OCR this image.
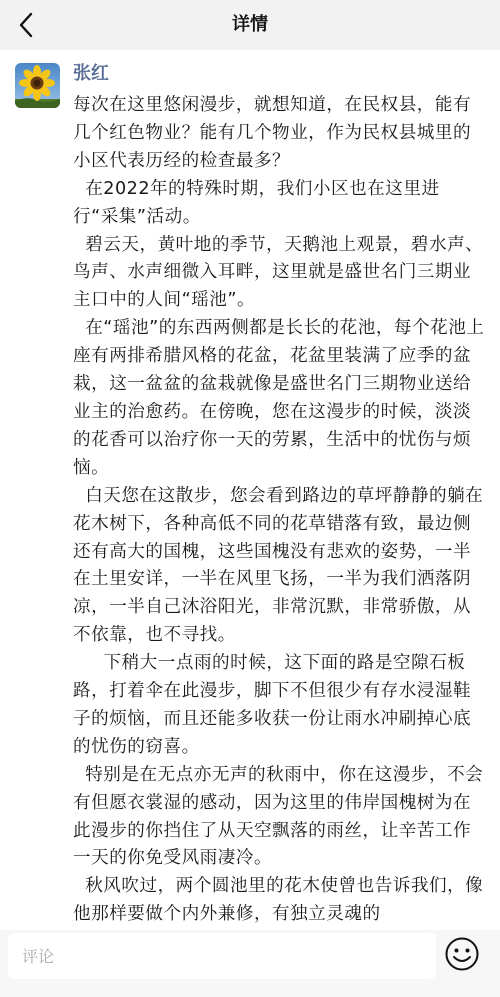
详情
张红

每次在这里悠闲漫步，就想知道，在民权县，能有几个红色物业？能有几个物业，作为民权县城里的小区代表历经的检查最多？

在2022年的特殊时期，我们小区也在这里进行“采集”活动。

碧云天，黄叶地的季节，天鹅池上观景，碧水声、鸟声、水声细微入耳畔，这里就是盛世名门三期业主口中的人间“瑶池”。

在“瑶池”的东西两侧都是长长的花池，每个花池上座有两排希腊风格的花盆，花盆里装满了应季的盆栽，这一盆盆的盆栽就像是盛世名门三期物业送给业主的治愈药。在傍晚，您在这漫步的时候，淡淡的花香可以治疗你一天的劳累，生活中的忧伤与烦恼。

白天您在这散步，您会看到路边的草坪静静的躺在花木树下，各种高低不同的花草错落有致，最边侧还有高大的国槐，这些国槐没有悲欢的姿势，一半在土里安详，一半在风里飞扬，一半为我们洒落阴凉，一半自己沐浴阳光，非常沉默，非常骄傲，从不依靠，也不寻找。

下稍大一点雨的时候，这下面的路是空隙石板路，打着伞在此漫步，脚下不但很少有存水浸湿鞋子的烦恼，而且还能多收获一份让雨水冲刷掉心底的忧伤的窃喜。

特别是在无点亦无声的秋雨中，你在这漫步，不会有但愿衣裳湿的感动，因为这里的伟岸国槐树为在此漫步的你挡住了从天空飘落的雨丝，让辛苦工作一天的你免受风雨凄冷。

秋风吹过，两个圆池里的花木使曾也告诉我们，像他那样要做个内外兼修，有独立灵魂的

评论
